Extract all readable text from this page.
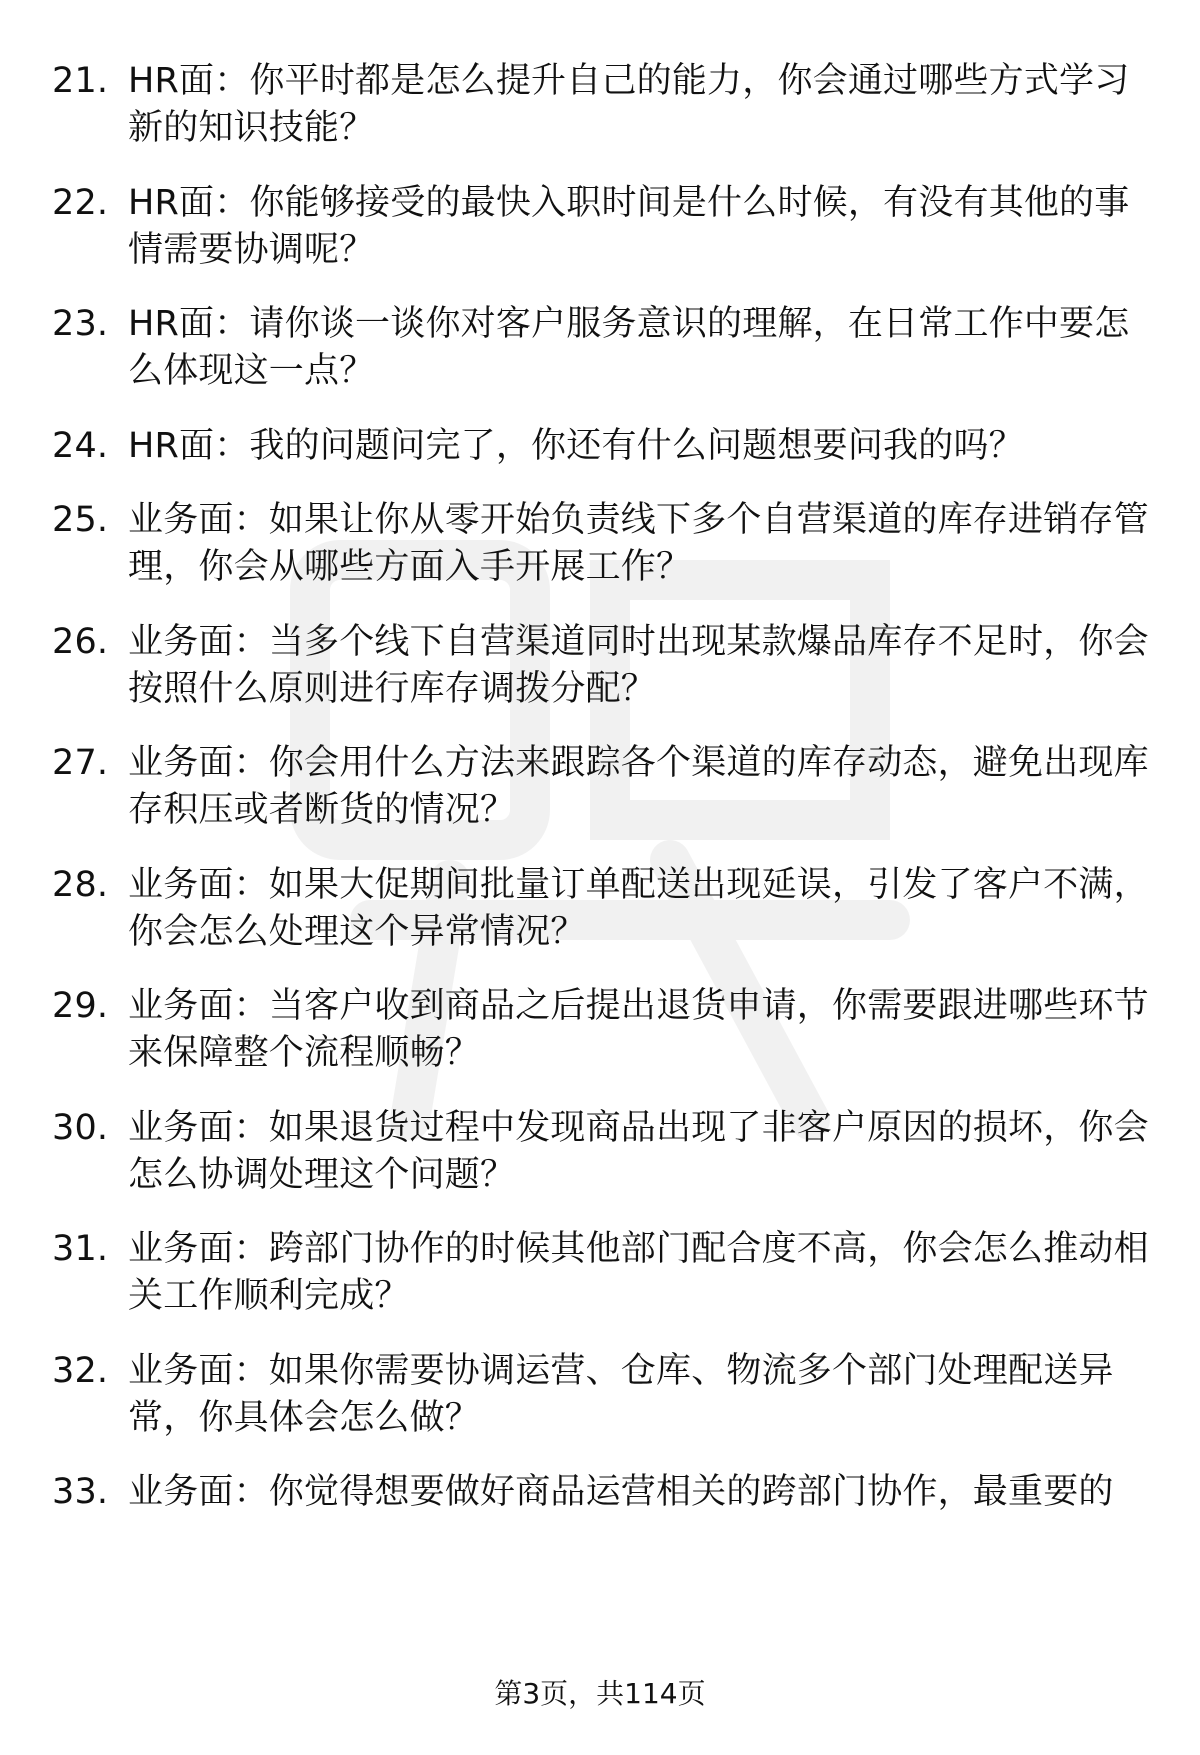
21. HR面：你平时都是怎么提升自己的能力，你会通过哪些方式学习新的知识技能？
22. HR面：你能够接受的最快入职时间是什么时候，有没有其他的事情需要协调呢？
23. HR面：请你谈一谈你对客户服务意识的理解，在日常工作中要怎么体现这一点？
24. HR面：我的问题问完了，你还有什么问题想要问我的吗？
25. 业务面：如果让你从零开始负责线下多个自营渠道的库存进销存管理，你会从哪些方面入手开展工作？
26. 业务面：当多个线下自营渠道同时出现某款爆品库存不足时，你会按照什么原则进行库存调拨分配？
27. 业务面：你会用什么方法来跟踪各个渠道的库存动态，避免出现库存积压或者断货的情况？
28. 业务面：如果大促期间批量订单配送出现延误，引发了客户不满，你会怎么处理这个异常情况？
29. 业务面：当客户收到商品之后提出退货申请，你需要跟进哪些环节来保障整个流程顺畅？
30. 业务面：如果退货过程中发现商品出现了非客户原因的损坏，你会怎么协调处理这个问题？
31. 业务面：跨部门协作的时候其他部门配合度不高，你会怎么推动相关工作顺利完成？
32. 业务面：如果你需要协调运营、仓库、物流多个部门处理配送异常，你具体会怎么做？
33. 业务面：你觉得想要做好商品运营相关的跨部门协作，最重要的
第3页，共114页
